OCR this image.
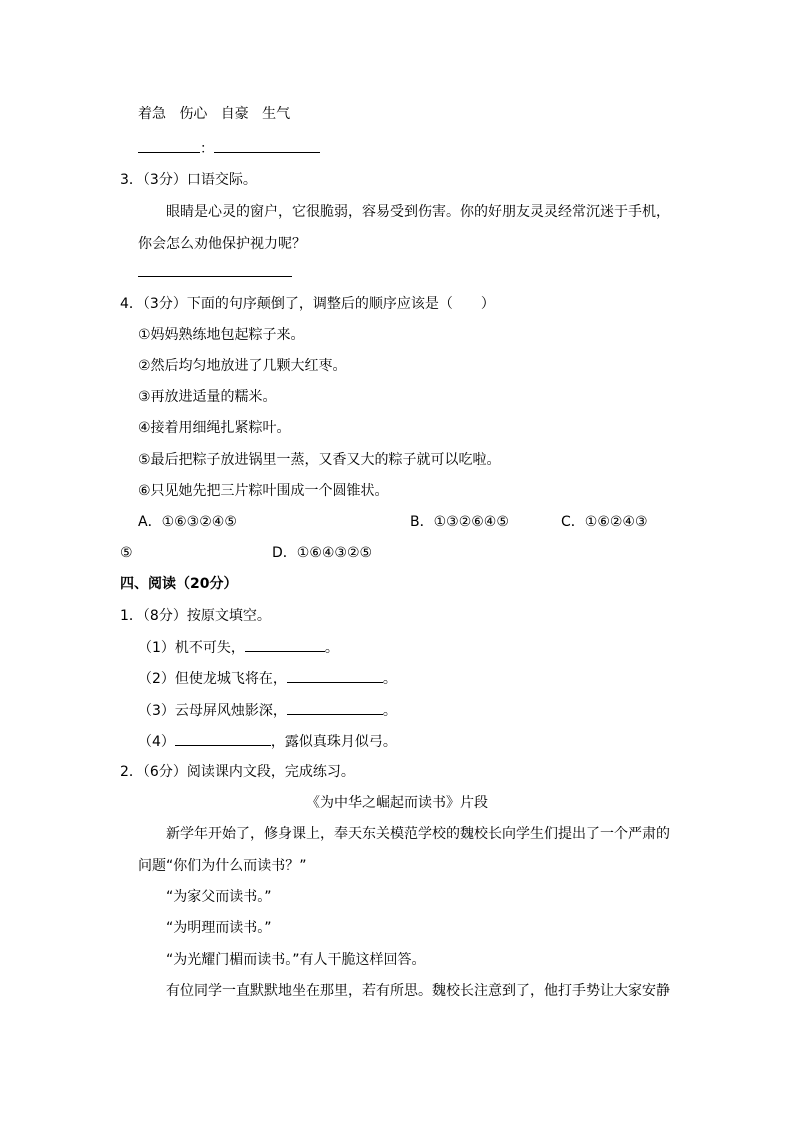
着急 伤心 自豪 生气
：
3．（3分）口语交际。
眼睛是心灵的窗户，它很脆弱，容易受到伤害。你的好朋友灵灵经常沉迷于手机，
你会怎么劝他保护视力呢？
4．（3分）下面的句序颠倒了，调整后的顺序应该是（　　）
①妈妈熟练地包起粽子来。
②然后均匀地放进了几颗大红枣。
③再放进适量的糯米。
④接着用细绳扎紧粽叶。
⑤最后把粽子放进锅里一蒸，又香又大的粽子就可以吃啦。
⑥只见她先把三片粽叶围成一个圆锥状。
A．①⑥③②④⑤	B．①③②⑥④⑤	C．①⑥②④③
⑤	D．①⑥④③②⑤
四、阅读（20分）
1．（8分）按原文填空。
（1）机不可失，	。
（2）但使龙城飞将在，	。
（3）云母屏风烛影深，	。
（4）	，露似真珠月似弓。
2．（6分）阅读课内文段，完成练习。
《为中华之崛起而读书》片段
新学年开始了，修身课上，奉天东关模范学校的魏校长向学生们提出了一个严肃的
问题“你们为什么而读书？”
“为家父而读书。”
“为明理而读书。”
“为光耀门楣而读书。”有人干脆这样回答。
有位同学一直默默地坐在那里，若有所思。魏校长注意到了，他打手势让大家安静
